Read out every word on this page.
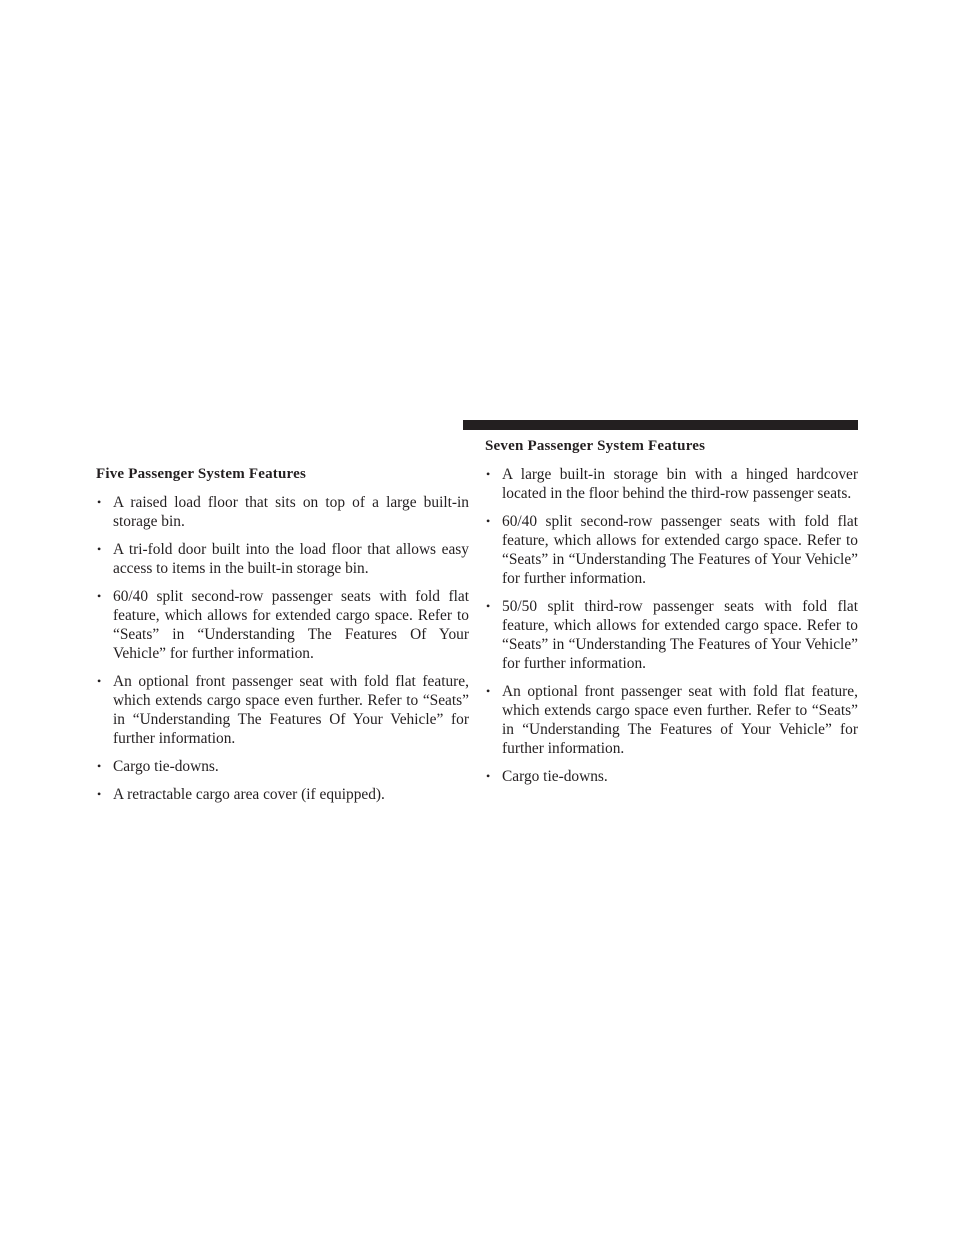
Five Passenger System Features
• A raised load floor that sits on top of a large built-in storage bin.
• A tri-fold door built into the load floor that allows easy access to items in the built-in storage bin.
• 60/40 split second-row passenger seats with fold flat feature, which allows for extended cargo space. Refer to “Seats” in “Understanding The Features Of Your Vehicle” for further information.
• An optional front passenger seat with fold flat feature, which extends cargo space even further. Refer to “Seats” in “Understanding The Features Of Your Vehicle” for further information.
• Cargo tie-downs.
• A retractable cargo area cover (if equipped).
Seven Passenger System Features
• A large built-in storage bin with a hinged hardcover located in the floor behind the third-row passenger seats.
• 60/40 split second-row passenger seats with fold flat feature, which allows for extended cargo space. Refer to “Seats” in “Understanding The Features of Your Vehicle” for further information.
• 50/50 split third-row passenger seats with fold flat feature, which allows for extended cargo space. Refer to “Seats” in “Understanding The Features of Your Vehicle” for further information.
• An optional front passenger seat with fold flat feature, which extends cargo space even further. Refer to “Seats” in “Understanding The Features of Your Vehicle” for further information.
• Cargo tie-downs.
